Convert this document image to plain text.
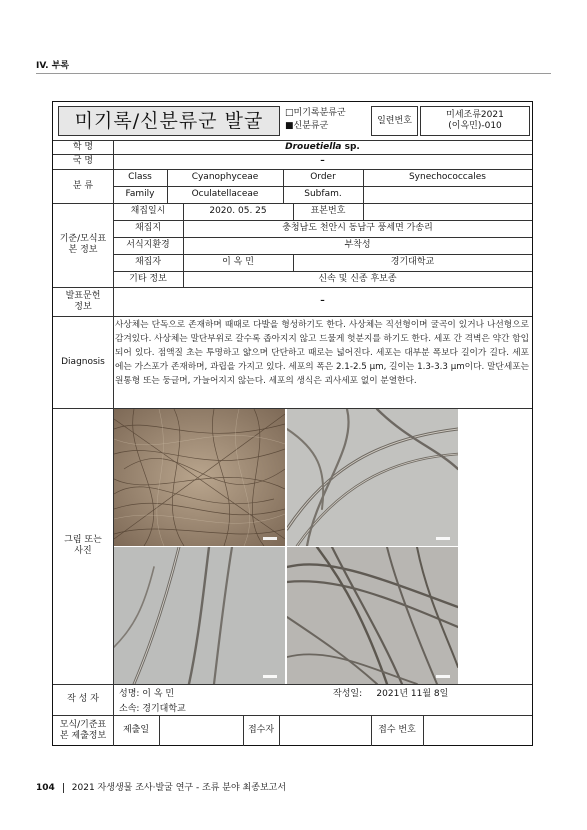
IV. 부록
미기록/신분류군 발굴	□미기록분류군
■신분류군
일련번호
미세조류2021
(이옥민)-010
학 명	Drouetiella sp.
국 명	–
분 류
Class	Cyanophyceae	Order	Synechococcales
Family	Oculatellaceae	Subfam.
기준/모식표 본 정보
채집일시	2020. 05. 25	표본번호
채집지	충청남도 천안시 동남구 풍세면 가송리
서식지환경	부착성
채집자	이 옥 민	경기대학교
기타 정보	신속 및 신종 후보종
발표문헌 정보
–
Diagnosis
사상체는 단독으로 존재하며 때때로 다발을 형성하기도 한다. 사상체는 직선형이며 굴곡이 있거나 나선형으로 감겨있다. 사상체는 말단부위로 갈수록 좁아지지 않고 드물게 헛분지를 하기도 한다. 세포 간 격벽은 약간 함입되어 있다. 점액질 초는 투명하고 얇으며 단단하고 때로는 넓어진다. 세포는 대부분 폭보다 길이가 길다. 세포에는 가스포가 존재하며, 과립을 가지고 있다. 세포의 폭은 2.1-2.5 μm, 길이는 1.3-3.3 μm이다. 말단세포는 원통형 또는 둥글며, 가늘어지지 않는다. 세포의 생식은 괴사세포 없이 분열한다.
그림 또는 사진
작 성 자	성명: 이 옥 민	작성일:     2021년 11월 8일
소속: 경기대학교
모식/기준표 본 제출정보
제출일	접수자	접수 번호
104 2021 자생생물 조사·발굴 연구 - 조류 분야 최종보고서
